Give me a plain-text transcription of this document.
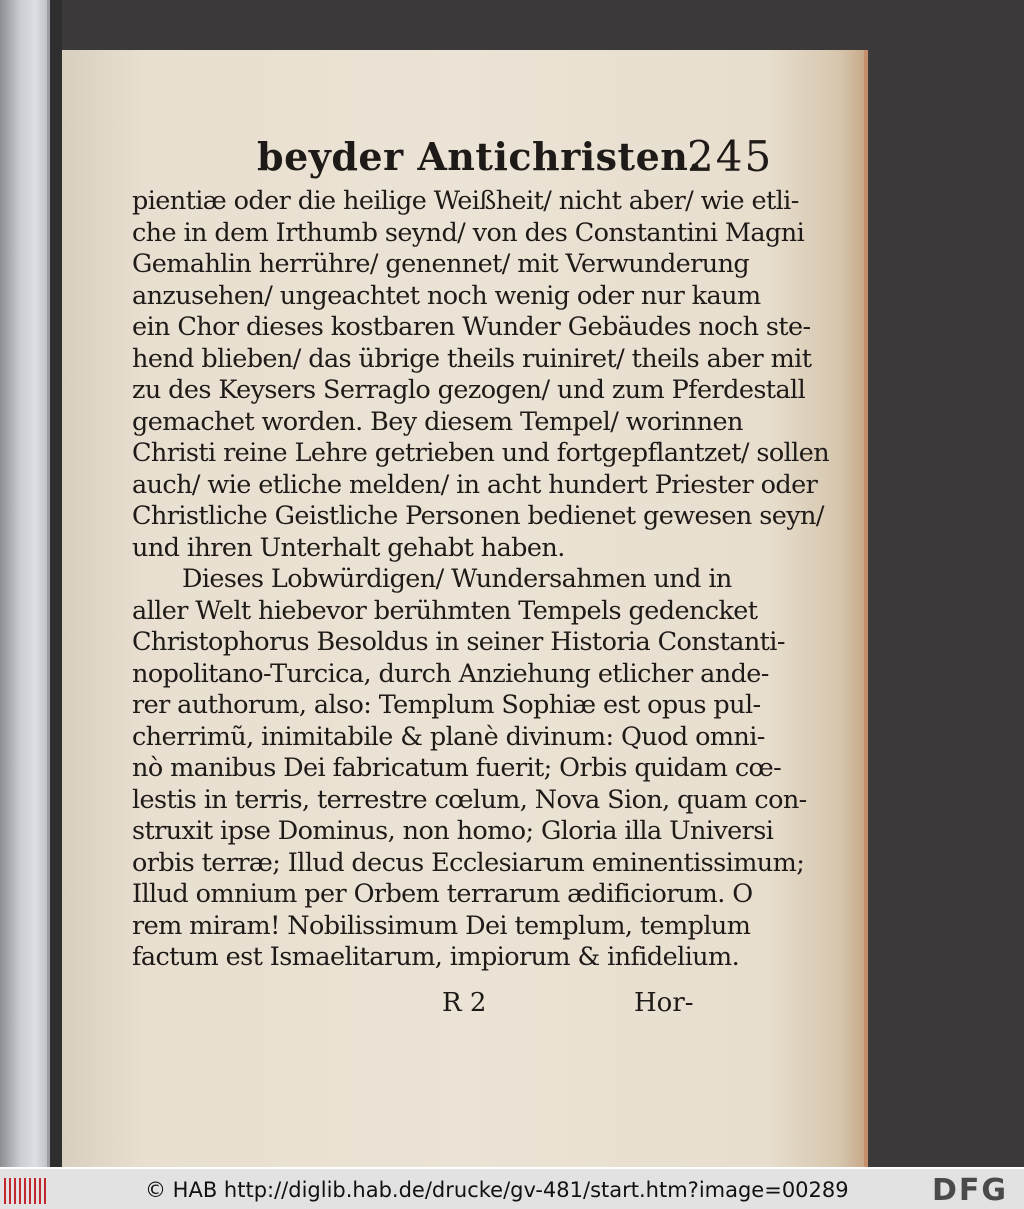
beyder Antichristen.
245
pientiæ oder die heilige Weißheit/ nicht aber/ wie etli-
che in dem Irthumb seynd/ von des Constantini Magni
Gemahlin herrühre/ genennet/ mit Verwunderung
anzusehen/ ungeachtet noch wenig oder nur kaum
ein Chor dieses kostbaren Wunder Gebäudes noch ste-
hend blieben/ das übrige theils ruiniret/ theils aber mit
zu des Keysers Serraglo gezogen/ und zum Pferdestall
gemachet worden. Bey diesem Tempel/ worinnen
Christi reine Lehre getrieben und fortgepflantzet/ sollen
auch/ wie etliche melden/ in acht hundert Priester oder
Christliche Geistliche Personen bedienet gewesen seyn/
und ihren Unterhalt gehabt haben.
Dieses Lobwürdigen/ Wundersahmen und in
aller Welt hiebevor berühmten Tempels gedencket
Christophorus Besoldus in seiner Historia Constanti-
nopolitano-Turcica, durch Anziehung etlicher ande-
rer authorum, also: Templum Sophiæ est opus pul-
cherrimũ, inimitabile & planè divinum: Quod omni-
nò manibus Dei fabricatum fuerit; Orbis quidam cœ-
lestis in terris, terrestre cœlum, Nova Sion, quam con-
struxit ipse Dominus, non homo; Gloria illa Universi
orbis terræ; Illud decus Ecclesiarum eminentissimum;
Illud omnium per Orbem terrarum ædificiorum. O
rem miram! Nobilissimum Dei templum, templum
factum est Ismaelitarum, impiorum & infidelium.
R 2	Hor-
© HAB http://diglib.hab.de/drucke/gv-481/start.htm?image=00289	DFG
